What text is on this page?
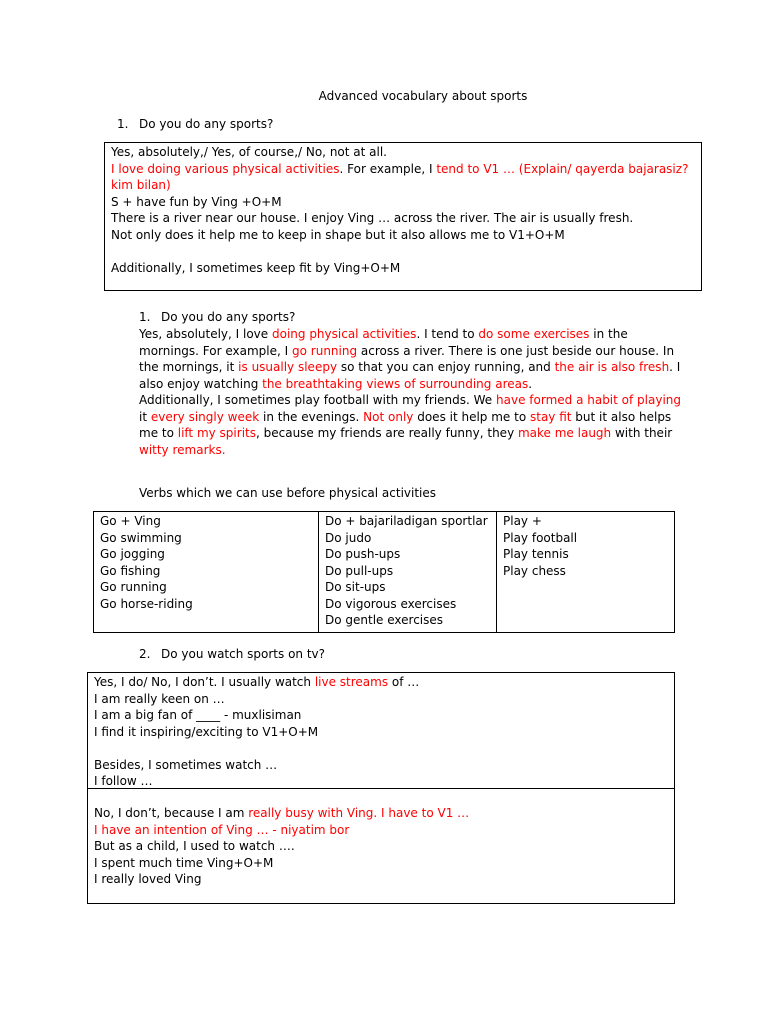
Advanced vocabulary about sports
1. Do you do any sports?
Yes, absolutely,/ Yes, of course,/ No, not at all.
I love doing various physical activities. For example, I tend to V1 … (Explain/ qayerda bajarasiz?
kim bilan)
S + have fun by Ving +O+M
There is a river near our house. I enjoy Ving … across the river. The air is usually fresh.
Not only does it help me to keep in shape but it also allows me to V1+O+M
Additionally, I sometimes keep fit by Ving+O+M
1. Do you do any sports?
Yes, absolutely, I love doing physical activities. I tend to do some exercises in the
mornings. For example, I go running across a river. There is one just beside our house. In
the mornings, it is usually sleepy so that you can enjoy running, and the air is also fresh. I
also enjoy watching the breathtaking views of surrounding areas.
Additionally, I sometimes play football with my friends. We have formed a habit of playing
it every singly week in the evenings. Not only does it help me to stay fit but it also helps
me to lift my spirits, because my friends are really funny, they make me laugh with their
witty remarks.
Verbs which we can use before physical activities
Go + Ving
Go swimming
Go jogging
Go fishing
Go running
Go horse-riding

Do + bajariladigan sportlar
Do judo
Do push-ups
Do pull-ups
Do sit-ups
Do vigorous exercises
Do gentle exercises

Play +
Play football
Play tennis
Play chess
2. Do you watch sports on tv?
Yes, I do/ No, I don’t. I usually watch live streams of …
I am really keen on …
I am a big fan of ____ - muxlisiman
I find it inspiring/exciting to V1+O+M
Besides, I sometimes watch …
I follow …
No, I don’t, because I am really busy with Ving. I have to V1 …
I have an intention of Ving … - niyatim bor
But as a child, I used to watch ….
I spent much time Ving+O+M
I really loved Ving
